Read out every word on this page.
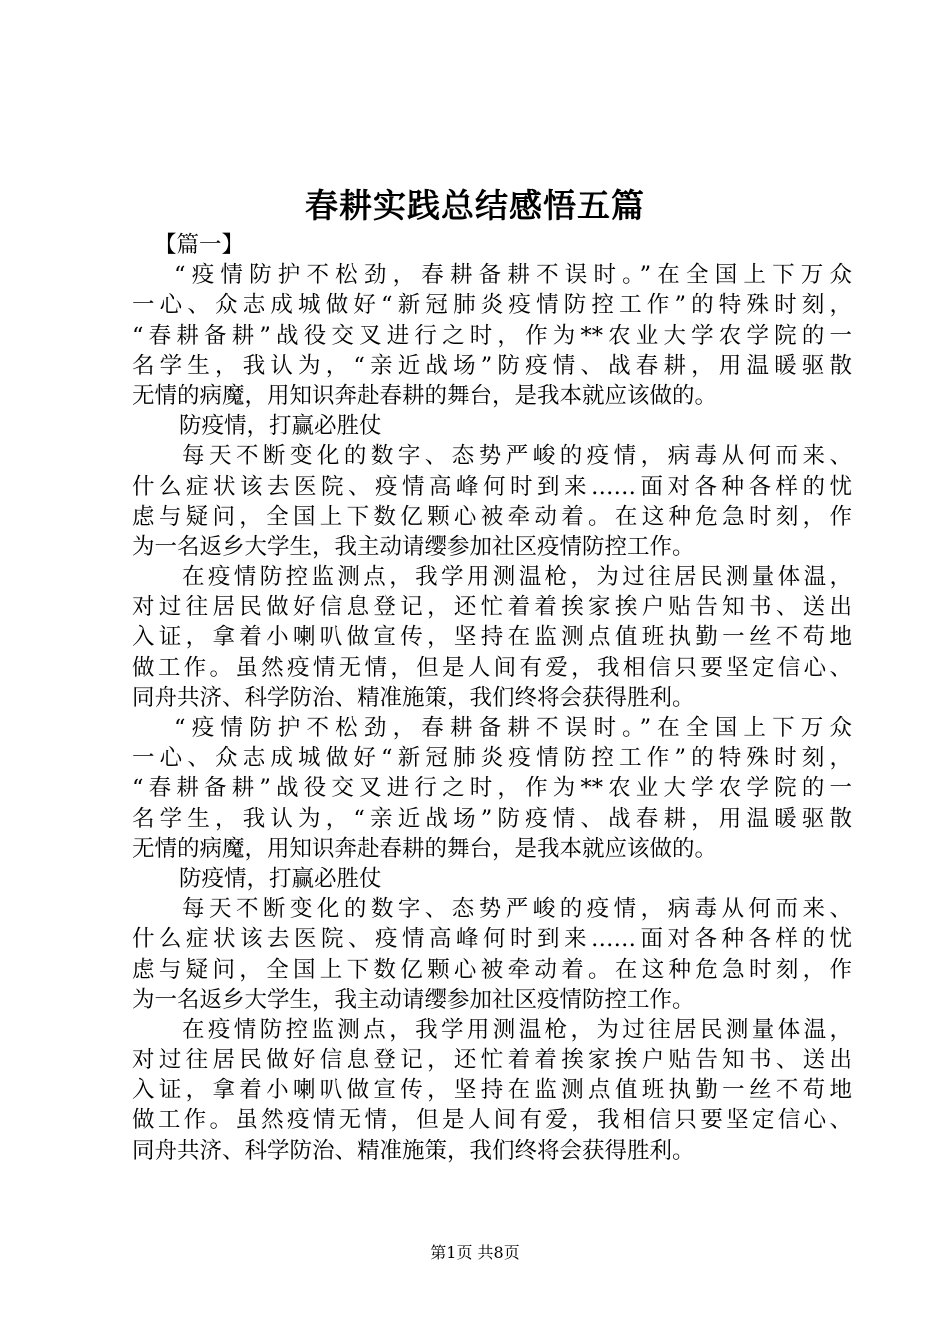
春耕实践总结感悟五篇
【篇一】
“疫情防护不松劲，春耕备耕不误时。”在全国上下万众
一心、众志成城做好“新冠肺炎疫情防控工作”的特殊时刻，
“春耕备耕”战役交叉进行之时，作为**农业大学农学院的一
名学生，我认为，“亲近战场”防疫情、战春耕，用温暖驱散
无情的病魔，用知识奔赴春耕的舞台，是我本就应该做的。
防疫情，打赢必胜仗
每天不断变化的数字、态势严峻的疫情，病毒从何而来、
什么症状该去医院、疫情高峰何时到来……面对各种各样的忧
虑与疑问，全国上下数亿颗心被牵动着。在这种危急时刻，作
为一名返乡大学生，我主动请缨参加社区疫情防控工作。
在疫情防控监测点，我学用测温枪，为过往居民测量体温，
对过往居民做好信息登记，还忙着着挨家挨户贴告知书、送出
入证，拿着小喇叭做宣传，坚持在监测点值班执勤一丝不苟地
做工作。虽然疫情无情，但是人间有爱，我相信只要坚定信心、
同舟共济、科学防治、精准施策，我们终将会获得胜利。
“疫情防护不松劲，春耕备耕不误时。”在全国上下万众
一心、众志成城做好“新冠肺炎疫情防控工作”的特殊时刻，
“春耕备耕”战役交叉进行之时，作为**农业大学农学院的一
名学生，我认为，“亲近战场”防疫情、战春耕，用温暖驱散
无情的病魔，用知识奔赴春耕的舞台，是我本就应该做的。
防疫情，打赢必胜仗
每天不断变化的数字、态势严峻的疫情，病毒从何而来、
什么症状该去医院、疫情高峰何时到来……面对各种各样的忧
虑与疑问，全国上下数亿颗心被牵动着。在这种危急时刻，作
为一名返乡大学生，我主动请缨参加社区疫情防控工作。
在疫情防控监测点，我学用测温枪，为过往居民测量体温，
对过往居民做好信息登记，还忙着着挨家挨户贴告知书、送出
入证，拿着小喇叭做宣传，坚持在监测点值班执勤一丝不苟地
做工作。虽然疫情无情，但是人间有爱，我相信只要坚定信心、
同舟共济、科学防治、精准施策，我们终将会获得胜利。
第1页 共8页
